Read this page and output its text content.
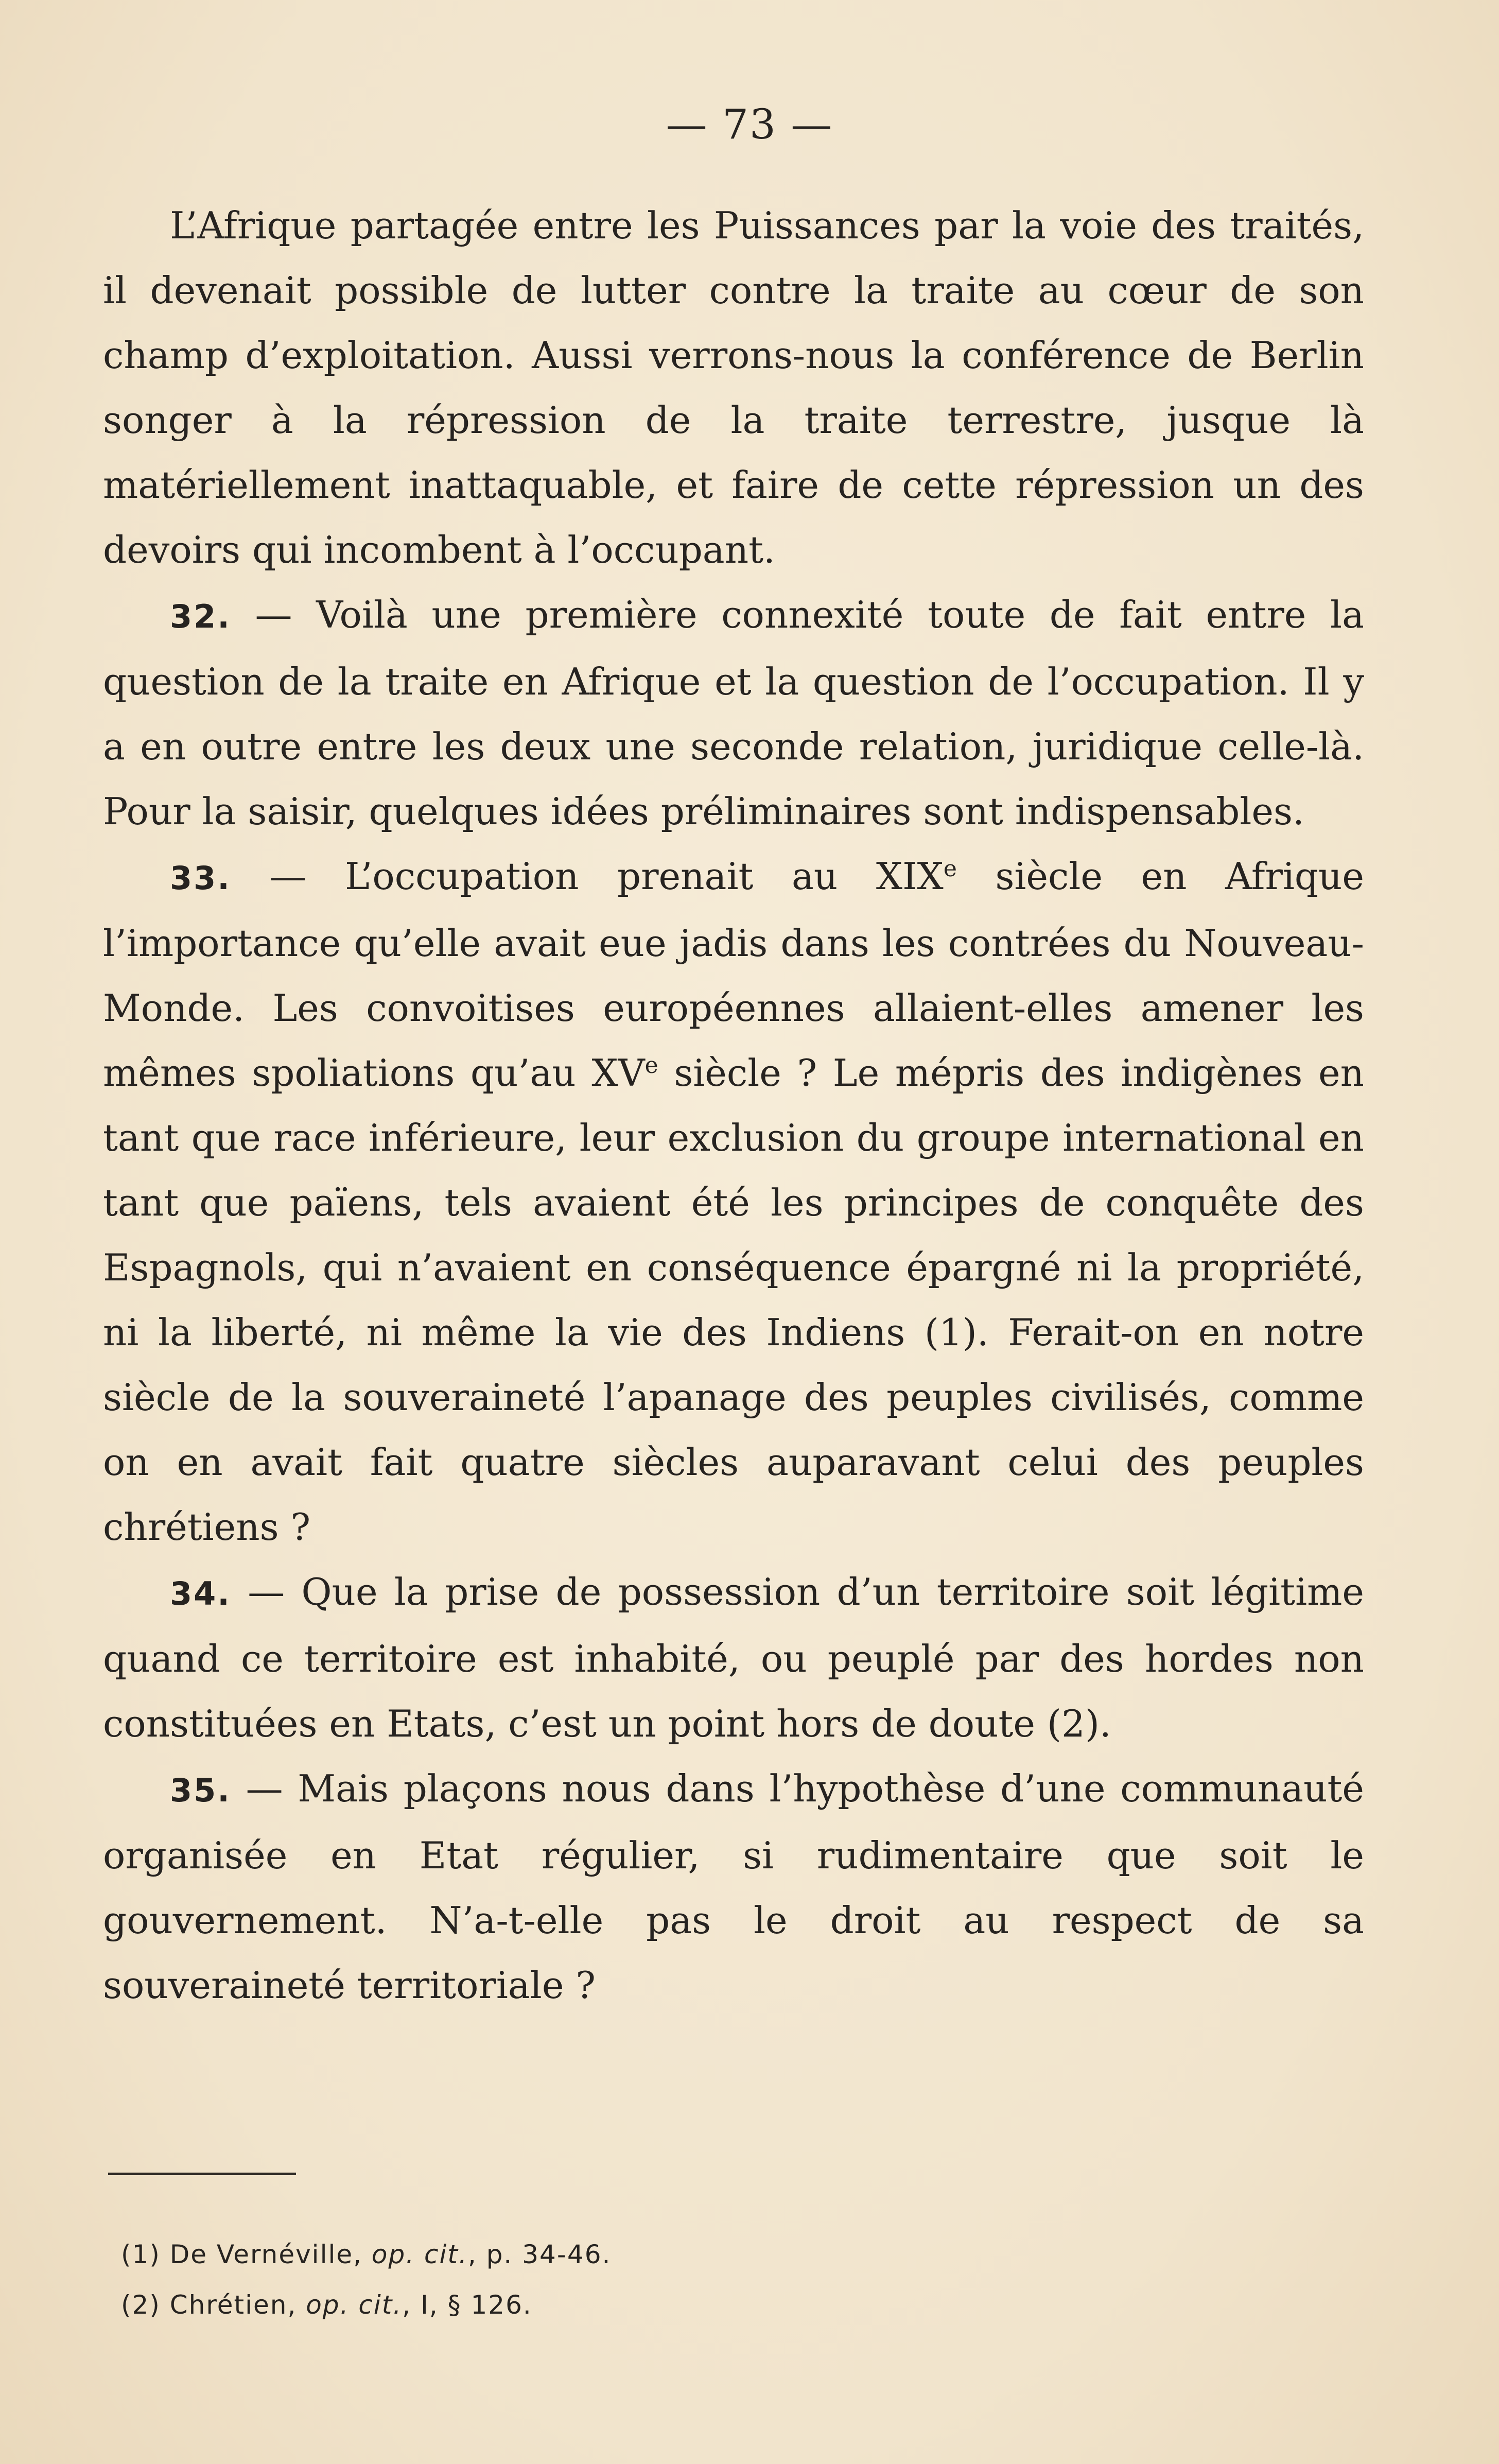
— 73 —

L’Afrique partagée entre les Puissances par la voie des traités, il devenait possible de lutter contre la traite au cœur de son champ d’exploitation. Aussi verrons-nous la conférence de Berlin songer à la répression de la traite terrestre, jusque là matériellement inattaquable, et faire de cette répression un des devoirs qui incombent à l’occupant.

32. — Voilà une première connexité toute de fait entre la question de la traite en Afrique et la question de l’occupation. Il y a en outre entre les deux une seconde relation, juridique celle-là. Pour la saisir, quelques idées préliminaires sont indispensables.

33. — L’occupation prenait au XIXe siècle en Afrique l’importance qu’elle avait eue jadis dans les contrées du Nouveau-Monde. Les convoitises européennes allaient-elles amener les mêmes spoliations qu’au XVe siècle ? Le mépris des indigènes en tant que race inférieure, leur exclusion du groupe international en tant que païens, tels avaient été les principes de conquête des Espagnols, qui n’avaient en conséquence épargné ni la propriété, ni la liberté, ni même la vie des Indiens (1). Ferait-on en notre siècle de la souveraineté l’apanage des peuples civilisés, comme on en avait fait quatre siècles auparavant celui des peuples chrétiens ?

34. — Que la prise de possession d’un territoire soit légitime quand ce territoire est inhabité, ou peuplé par des hordes non constituées en Etats, c’est un point hors de doute (2).

35. — Mais plaçons nous dans l’hypothèse d’une communauté organisée en Etat régulier, si rudimentaire que soit le gouvernement. N’a-t-elle pas le droit au respect de sa souveraineté territoriale ?

(1) De Vernéville, op. cit., p. 34-46.

(2) Chrétien, op. cit., I, § 126.
